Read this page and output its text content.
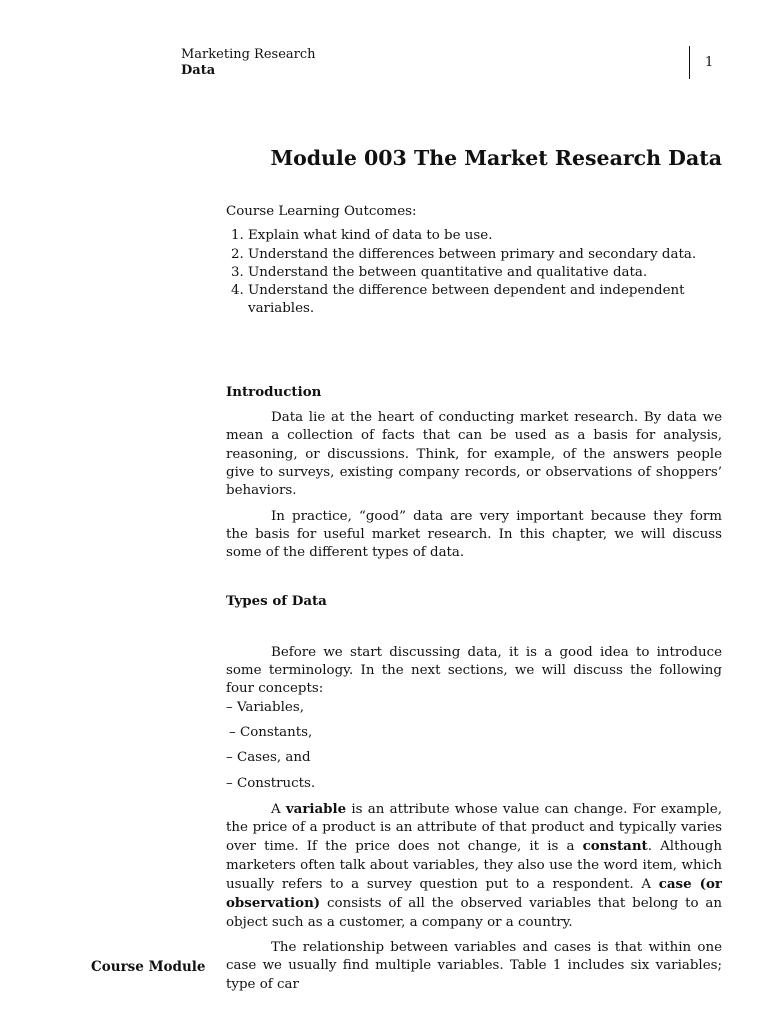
Marketing Research
Data
1
Module 003 The Market Research Data
Course Learning Outcomes:
1. Explain what kind of data to be use.
2. Understand the differences between primary and secondary data.
3. Understand the between quantitative and qualitative data.
4. Understand the difference between dependent and independent variables.
Introduction

Data lie at the heart of conducting market research. By data we mean a collection of facts that can be used as a basis for analysis, reasoning, or discussions. Think, for example, of the answers people give to surveys, existing company records, or observations of shoppers’ behaviors.

In practice, “good” data are very important because they form the basis for useful market research. In this chapter, we will discuss some of the different types of data.

Types of Data

Before we start discussing data, it is a good idea to introduce some terminology. In the next sections, we will discuss the following four concepts:

– Variables,
– Constants,
– Cases, and
– Constructs.

A variable is an attribute whose value can change. For example, the price of a product is an attribute of that product and typically varies over time. If the price does not change, it is a constant. Although marketers often talk about variables, they also use the word item, which usually refers to a survey question put to a respondent. A case (or observation) consists of all the observed variables that belong to an object such as a customer, a company or a country.

The relationship between variables and cases is that within one case we usually find multiple variables. Table 1 includes six variables; type of car

Course Module
